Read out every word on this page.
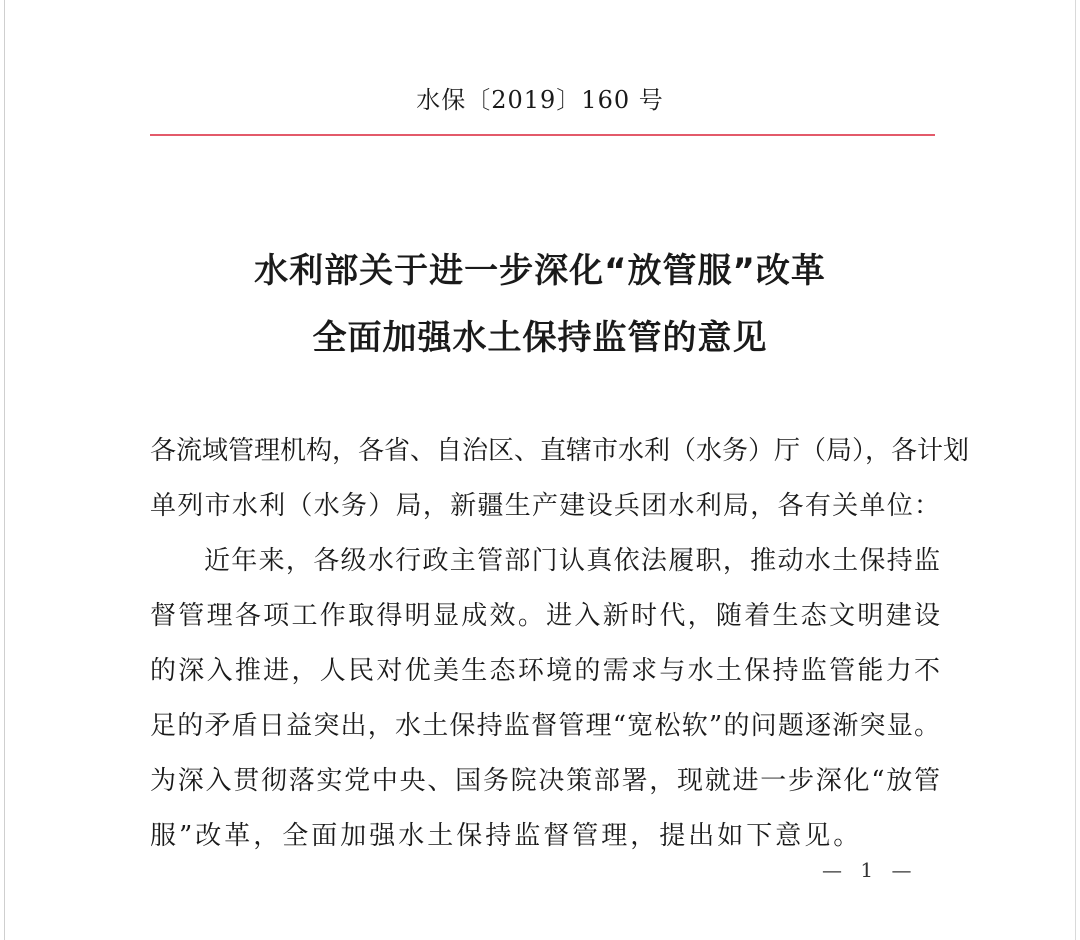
水保〔2019〕160 号
水利部关于进一步深化“放管服”改革
全面加强水土保持监管的意见
各流域管理机构，各省、自治区、直辖市水利（水务）厅（局），各计划
单列市水利（水务）局，新疆生产建设兵团水利局，各有关单位：
近年来，各级水行政主管部门认真依法履职，推动水土保持监
督管理各项工作取得明显成效。进入新时代，随着生态文明建设
的深入推进，人民对优美生态环境的需求与水土保持监管能力不
足的矛盾日益突出，水土保持监督管理“宽松软”的问题逐渐突显。
为深入贯彻落实党中央、国务院决策部署，现就进一步深化“放管
服”改革，全面加强水土保持监督管理，提出如下意见。
— 1 —
